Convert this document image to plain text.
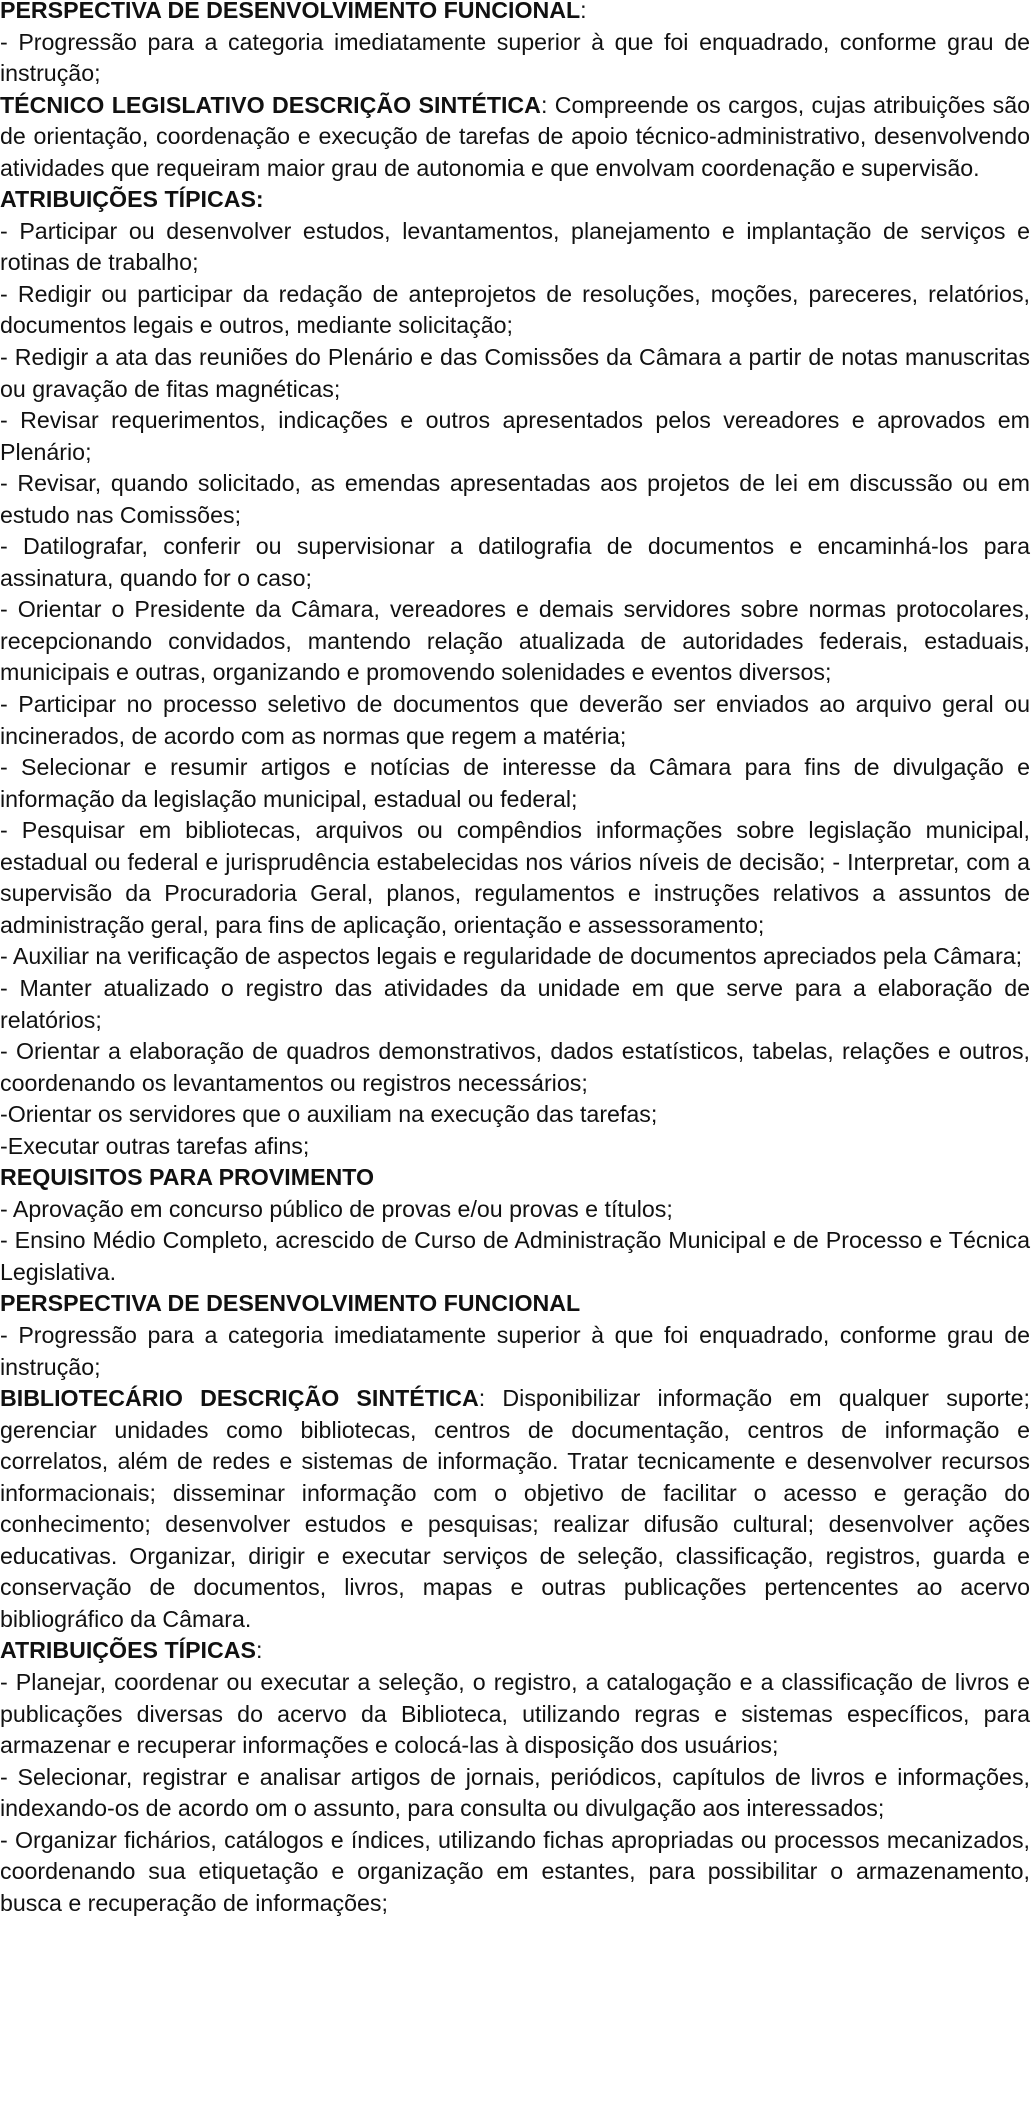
PERSPECTIVA DE DESENVOLVIMENTO FUNCIONAL:

- Progressão para a categoria imediatamente superior à que foi enquadrado, conforme grau de instrução;

TÉCNICO LEGISLATIVO DESCRIÇÃO SINTÉTICA: Compreende os cargos, cujas atribuições são de orientação, coordenação e execução de tarefas de apoio técnico-administrativo, desenvolvendo atividades que requeiram maior grau de autonomia e que envolvam coordenação e supervisão.

ATRIBUIÇÕES TÍPICAS:

- Participar ou desenvolver estudos, levantamentos, planejamento e implantação de serviços e rotinas de trabalho;

- Redigir ou participar da redação de anteprojetos de resoluções, moções, pareceres, relatórios, documentos legais e outros, mediante solicitação;

- Redigir a ata das reuniões do Plenário e das Comissões da Câmara a partir de notas manuscritas ou gravação de fitas magnéticas;

- Revisar requerimentos, indicações e outros apresentados pelos vereadores e aprovados em Plenário;

- Revisar, quando solicitado, as emendas apresentadas aos projetos de lei em discussão ou em estudo nas Comissões;

- Datilografar, conferir ou supervisionar a datilografia de documentos e encaminhá-los para assinatura, quando for o caso;

- Orientar o Presidente da Câmara, vereadores e demais servidores sobre normas protocolares, recepcionando convidados, mantendo relação atualizada de autoridades federais, estaduais, municipais e outras, organizando e promovendo solenidades e eventos diversos;

- Participar no processo seletivo de documentos que deverão ser enviados ao arquivo geral ou incinerados, de acordo com as normas que regem a matéria;

- Selecionar e resumir artigos e notícias de interesse da Câmara para fins de divulgação e informação da legislação municipal, estadual ou federal;

- Pesquisar em bibliotecas, arquivos ou compêndios informações sobre legislação municipal, estadual ou federal e jurisprudência estabelecidas nos vários níveis de decisão; - Interpretar, com a supervisão da Procuradoria Geral, planos, regulamentos e instruções relativos a assuntos de administração geral, para fins de aplicação, orientação e assessoramento;

- Auxiliar na verificação de aspectos legais e regularidade de documentos apreciados pela Câmara;

- Manter atualizado o registro das atividades da unidade em que serve para a elaboração de relatórios;

- Orientar a elaboração de quadros demonstrativos, dados estatísticos, tabelas, relações e outros, coordenando os levantamentos ou registros necessários;

-Orientar os servidores que o auxiliam na execução das tarefas;

-Executar outras tarefas afins;

REQUISITOS PARA PROVIMENTO

- Aprovação em concurso público de provas e/ou provas e títulos;

- Ensino Médio Completo, acrescido de Curso de Administração Municipal e de Processo e Técnica Legislativa.

PERSPECTIVA DE DESENVOLVIMENTO FUNCIONAL

- Progressão para a categoria imediatamente superior à que foi enquadrado, conforme grau de instrução;

BIBLIOTECÁRIO DESCRIÇÃO SINTÉTICA: Disponibilizar informação em qualquer suporte; gerenciar unidades como bibliotecas, centros de documentação, centros de informação e correlatos, além de redes e sistemas de informação. Tratar tecnicamente e desenvolver recursos informacionais; disseminar informação com o objetivo de facilitar o acesso e geração do conhecimento; desenvolver estudos e pesquisas; realizar difusão cultural; desenvolver ações educativas. Organizar, dirigir e executar serviços de seleção, classificação, registros, guarda e conservação de documentos, livros, mapas e outras publicações pertencentes ao acervo bibliográfico da Câmara.

ATRIBUIÇÕES TÍPICAS:

- Planejar, coordenar ou executar a seleção, o registro, a catalogação e a classificação de livros e publicações diversas do acervo da Biblioteca, utilizando regras e sistemas específicos, para armazenar e recuperar informações e colocá-las à disposição dos usuários;

- Selecionar, registrar e analisar artigos de jornais, periódicos, capítulos de livros e informações, indexando-os de acordo om o assunto, para consulta ou divulgação aos interessados;

- Organizar fichários, catálogos e índices, utilizando fichas apropriadas ou processos mecanizados, coordenando sua etiquetação e organização em estantes, para possibilitar o armazenamento, busca e recuperação de informações;
